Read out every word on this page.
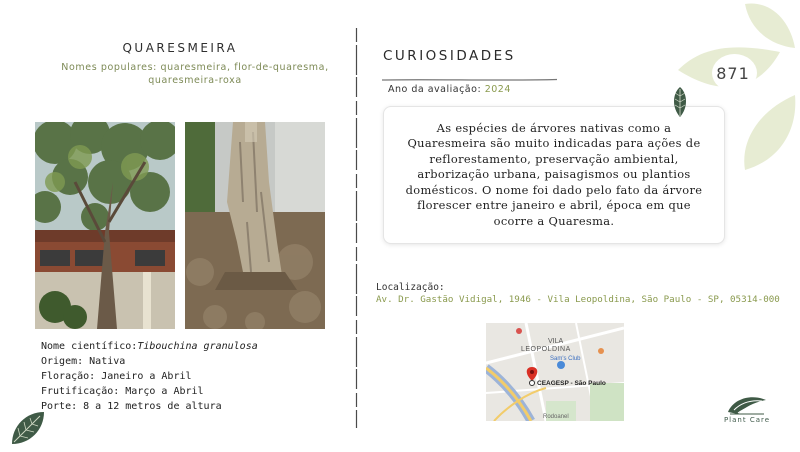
QUARESMEIRA
Nomes populares: quaresmeira, flor-de-quaresma, quaresmeira-roxa
Nome científico:Tibouchina granulosa
Origem: Nativa
Floração: Janeiro a Abril
Frutificação: Março a Abril
Porte: 8 a 12 metros de altura
CURIOSIDADES
Ano da avaliação: 2024

As espécies de árvores nativas como a Quaresmeira são muito indicadas para ações de reflorestamento, preservação ambiental, arborização urbana, paisagismos ou plantios domésticos. O nome foi dado pelo fato da árvore florescer entre janeiro e abril, época em que ocorre a Quaresma.

Localização:
Av. Dr. Gastão Vidigal, 1946 - Vila Leopoldina, São Paulo - SP, 05314-000
VILA
LEOPOLDINA
Sam's Club
CEAGESP - São Paulo
Rodoanel
871
Plant Care
